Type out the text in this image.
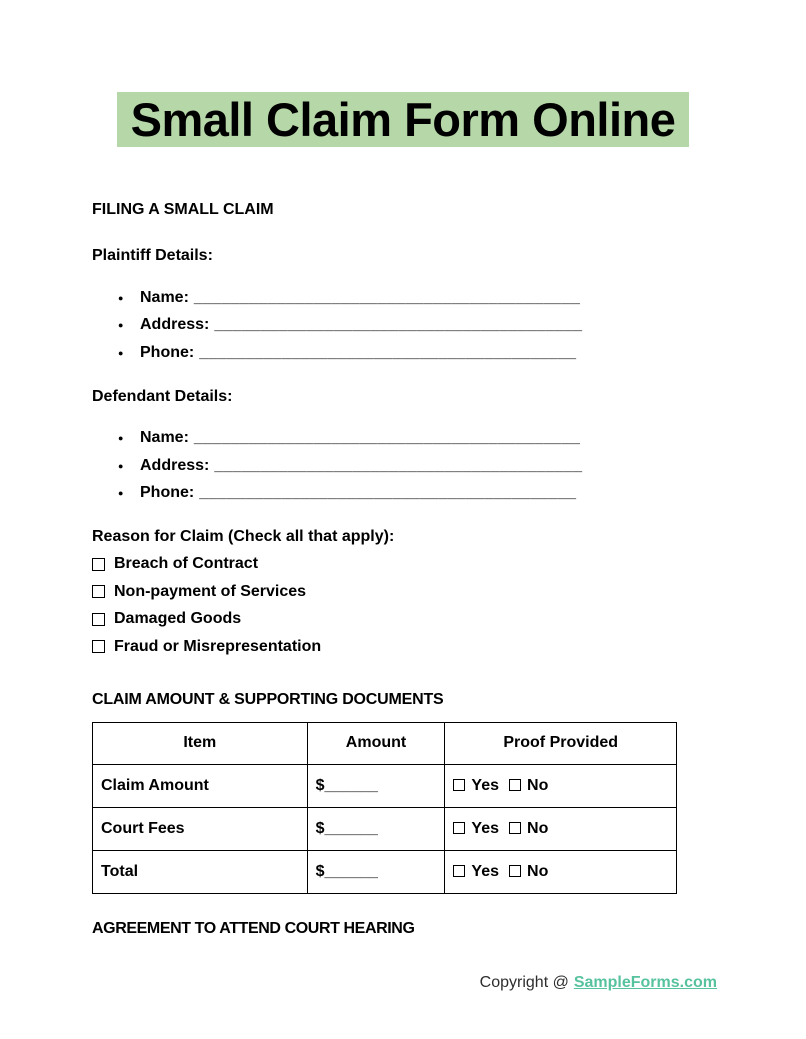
Small Claim Form Online

FILING A SMALL CLAIM

Plaintiff Details:

●	Name: __________________________________________
●	Address: ________________________________________
●	Phone: _________________________________________

Defendant Details:

●	Name: __________________________________________
●	Address: ________________________________________
●	Phone: _________________________________________
Reason for Claim (Check all that apply):
Breach of Contract
Non-payment of Services
Damaged Goods
Fraud or Misrepresentation

CLAIM AMOUNT & SUPPORTING DOCUMENTS

Item	Amount	Proof Provided
Claim Amount	$______	Yes No
Court Fees	$______	Yes No
Total	$______	Yes No

AGREEMENT TO ATTEND COURT HEARING

Copyright @ SampleForms.com
